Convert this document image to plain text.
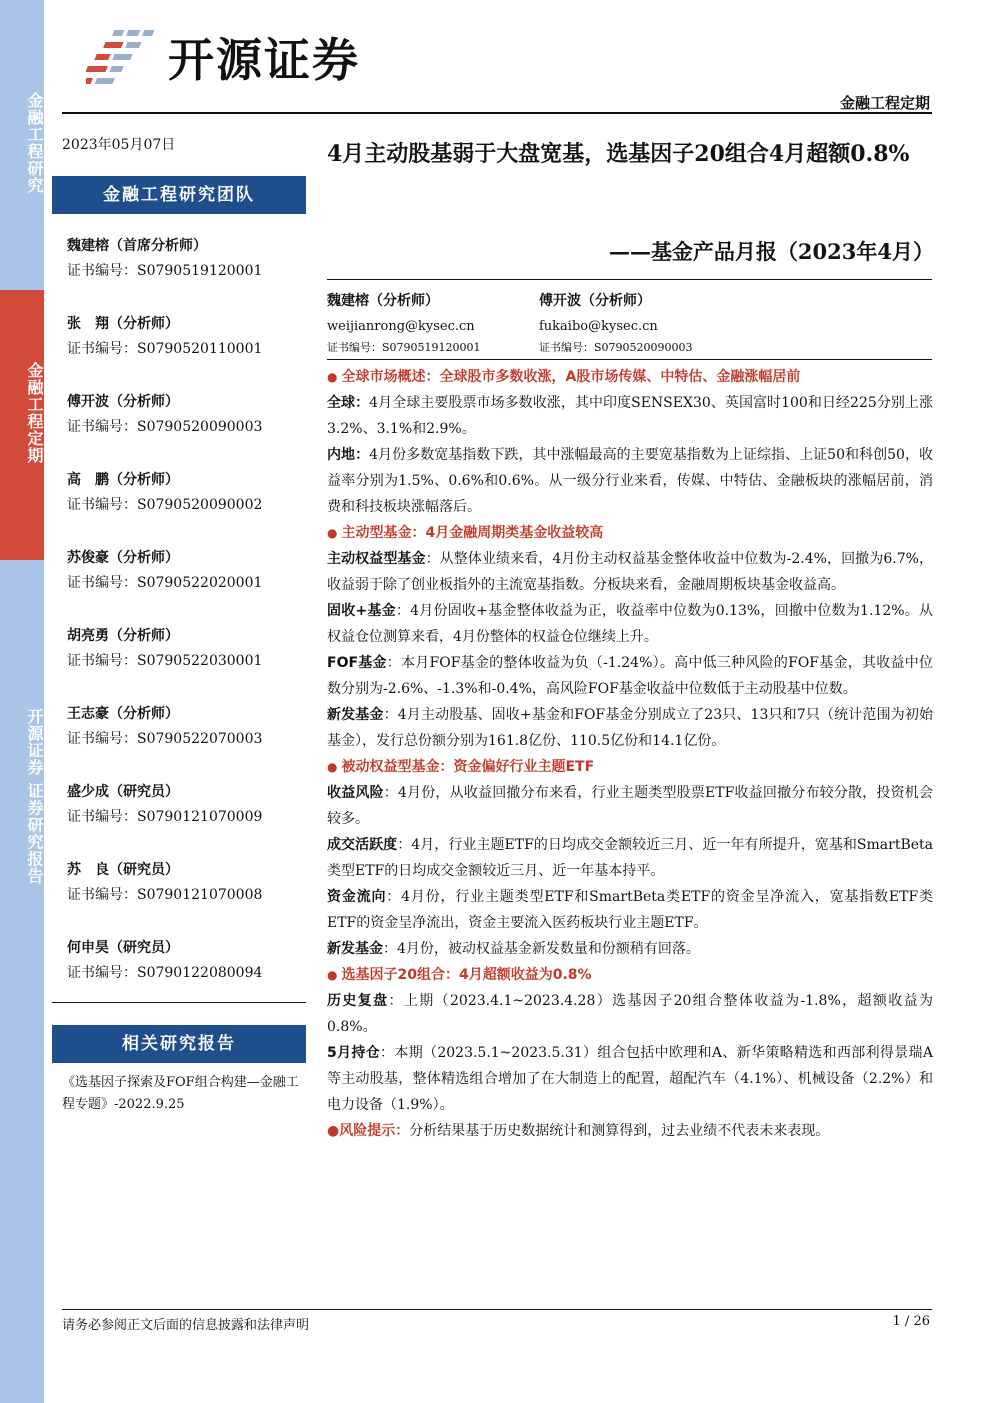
金融工程研究
金融工程定期
开源证券 证券研究报告
开源证券
金融工程定期
2023年05月07日
金融工程研究团队
魏建榕（首席分析师）
证书编号：S0790519120001
张　翔（分析师）
证书编号：S0790520110001
傅开波（分析师）
证书编号：S0790520090003
高　鹏（分析师）
证书编号：S0790520090002
苏俊豪（分析师）
证书编号：S0790522020001
胡亮勇（分析师）
证书编号：S0790522030001
王志豪（分析师）
证书编号：S0790522070003
盛少成（研究员）
证书编号：S0790121070009
苏　良（研究员）
证书编号：S0790121070008
何申昊（研究员）
证书编号：S0790122080094
相关研究报告
《选基因子探索及FOF组合构建—金融工程专题》-2022.9.25
4月主动股基弱于大盘宽基，选基因子20组合4月超额0.8%
——基金产品月报（2023年4月）
魏建榕（分析师）
weijianrong@kysec.cn
证书编号：S0790519120001
傅开波（分析师）
fukaibo@kysec.cn
证书编号：S0790520090003
● 全球市场概述：全球股市多数收涨，A股市场传媒、中特估、金融涨幅居前

全球：4月全球主要股票市场多数收涨，其中印度SENSEX30、英国富时100和日经225分别上涨3.2%、3.1%和2.9%。

内地：4月份多数宽基指数下跌，其中涨幅最高的主要宽基指数为上证综指、上证50和科创50，收益率分别为1.5%、0.6%和0.6%。从一级分行业来看，传媒、中特估、金融板块的涨幅居前，消费和科技板块涨幅落后。

● 主动型基金：4月金融周期类基金收益较高

主动权益型基金：从整体业绩来看，4月份主动权益基金整体收益中位数为-2.4%，回撤为6.7%，收益弱于除了创业板指外的主流宽基指数。分板块来看，金融周期板块基金收益高。

固收+基金：4月份固收+基金整体收益为正，收益率中位数为0.13%，回撤中位数为1.12%。从权益仓位测算来看，4月份整体的权益仓位继续上升。

FOF基金：本月FOF基金的整体收益为负（-1.24%）。高中低三种风险的FOF基金，其收益中位数分别为-2.6%、-1.3%和-0.4%，高风险FOF基金收益中位数低于主动股基中位数。

新发基金：4月主动股基、固收+基金和FOF基金分别成立了23只、13只和7只（统计范围为初始基金），发行总份额分别为161.8亿份、110.5亿份和14.1亿份。

● 被动权益型基金：资金偏好行业主题ETF

收益风险：4月份，从收益回撤分布来看，行业主题类型股票ETF收益回撤分布较分散，投资机会较多。

成交活跃度：4月，行业主题ETF的日均成交金额较近三月、近一年有所提升，宽基和SmartBeta类型ETF的日均成交金额较近三月、近一年基本持平。

资金流向：4月份，行业主题类型ETF和SmartBeta类ETF的资金呈净流入，宽基指数ETF类ETF的资金呈净流出，资金主要流入医药板块行业主题ETF。

新发基金：4月份，被动权益基金新发数量和份额稍有回落。

● 选基因子20组合：4月超额收益为0.8%

历史复盘：上期（2023.4.1~2023.4.28）选基因子20组合整体收益为-1.8%，超额收益为0.8%。

5月持仓：本期（2023.5.1~2023.5.31）组合包括中欧理和A、新华策略精选和西部利得景瑞A等主动股基，整体精选组合增加了在大制造上的配置，超配汽车（4.1%）、机械设备（2.2%）和电力设备（1.9%）。

●风险提示：分析结果基于历史数据统计和测算得到，过去业绩不代表未来表现。

请务必参阅正文后面的信息披露和法律声明	1 / 26
